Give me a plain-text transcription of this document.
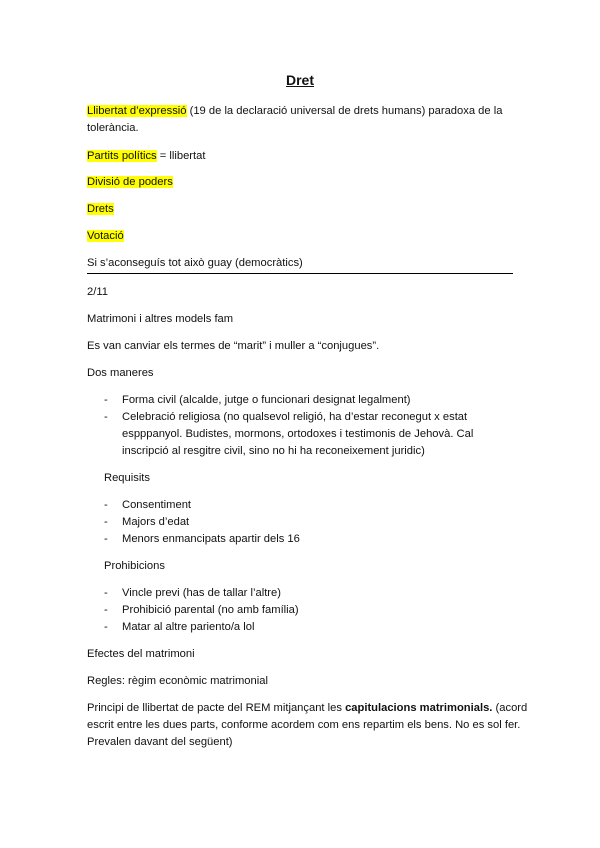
Dret

Llibertat d’expressió (19 de la declaració universal de drets humans) paradoxa de la

tolerància.

Partits polítics = llibertat

Divisió de poders

Drets

Votació

Si s’aconseguís tot això guay (democràtics)

2/11

Matrimoni i altres models fam

Es van canviar els termes de “marit” i muller a “conjugues”.

Dos maneres

- Forma civil (alcalde, jutge o funcionari designat legalment)

- Celebració religiosa (no qualsevol religió, ha d’estar reconegut x estat

espppanyol. Budistes, mormons, ortodoxes i testimonis de Jehovà. Cal

inscripció al resgitre civil, sino no hi ha reconeixement juridic)

Requisits

- Consentiment

- Majors d’edat

- Menors enmancipats apartir dels 16

Prohibicions

- Vincle previ (has de tallar l’altre)

- Prohibició parental (no amb família)

- Matar al altre pariento/a lol

Efectes del matrimoni

Regles: règim econòmic matrimonial

Principi de llibertat de pacte del REM mitjançant les capitulacions matrimonials. (acord

escrit entre les dues parts, conforme acordem com ens repartim els bens. No es sol fer.

Prevalen davant del següent)
